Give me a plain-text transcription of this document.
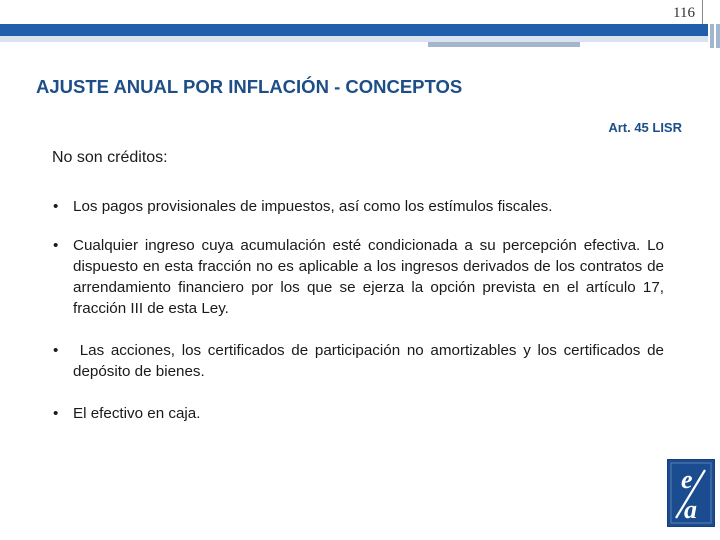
116
AJUSTE ANUAL POR INFLACIÓN - CONCEPTOS
Art. 45 LISR
No son créditos:
• Los pagos provisionales de impuestos, así como los estímulos fiscales.
• Cualquier ingreso cuya acumulación esté condicionada a su percepción efectiva. Lo dispuesto en esta fracción no es aplicable a los ingresos derivados de los contratos de arrendamiento financiero por los que se ejerza la opción prevista en el artículo 17, fracción III de esta Ley.
• Las acciones, los certificados de participación no amortizables y los certificados de depósito de bienes.
• El efectivo en caja.
e
a
